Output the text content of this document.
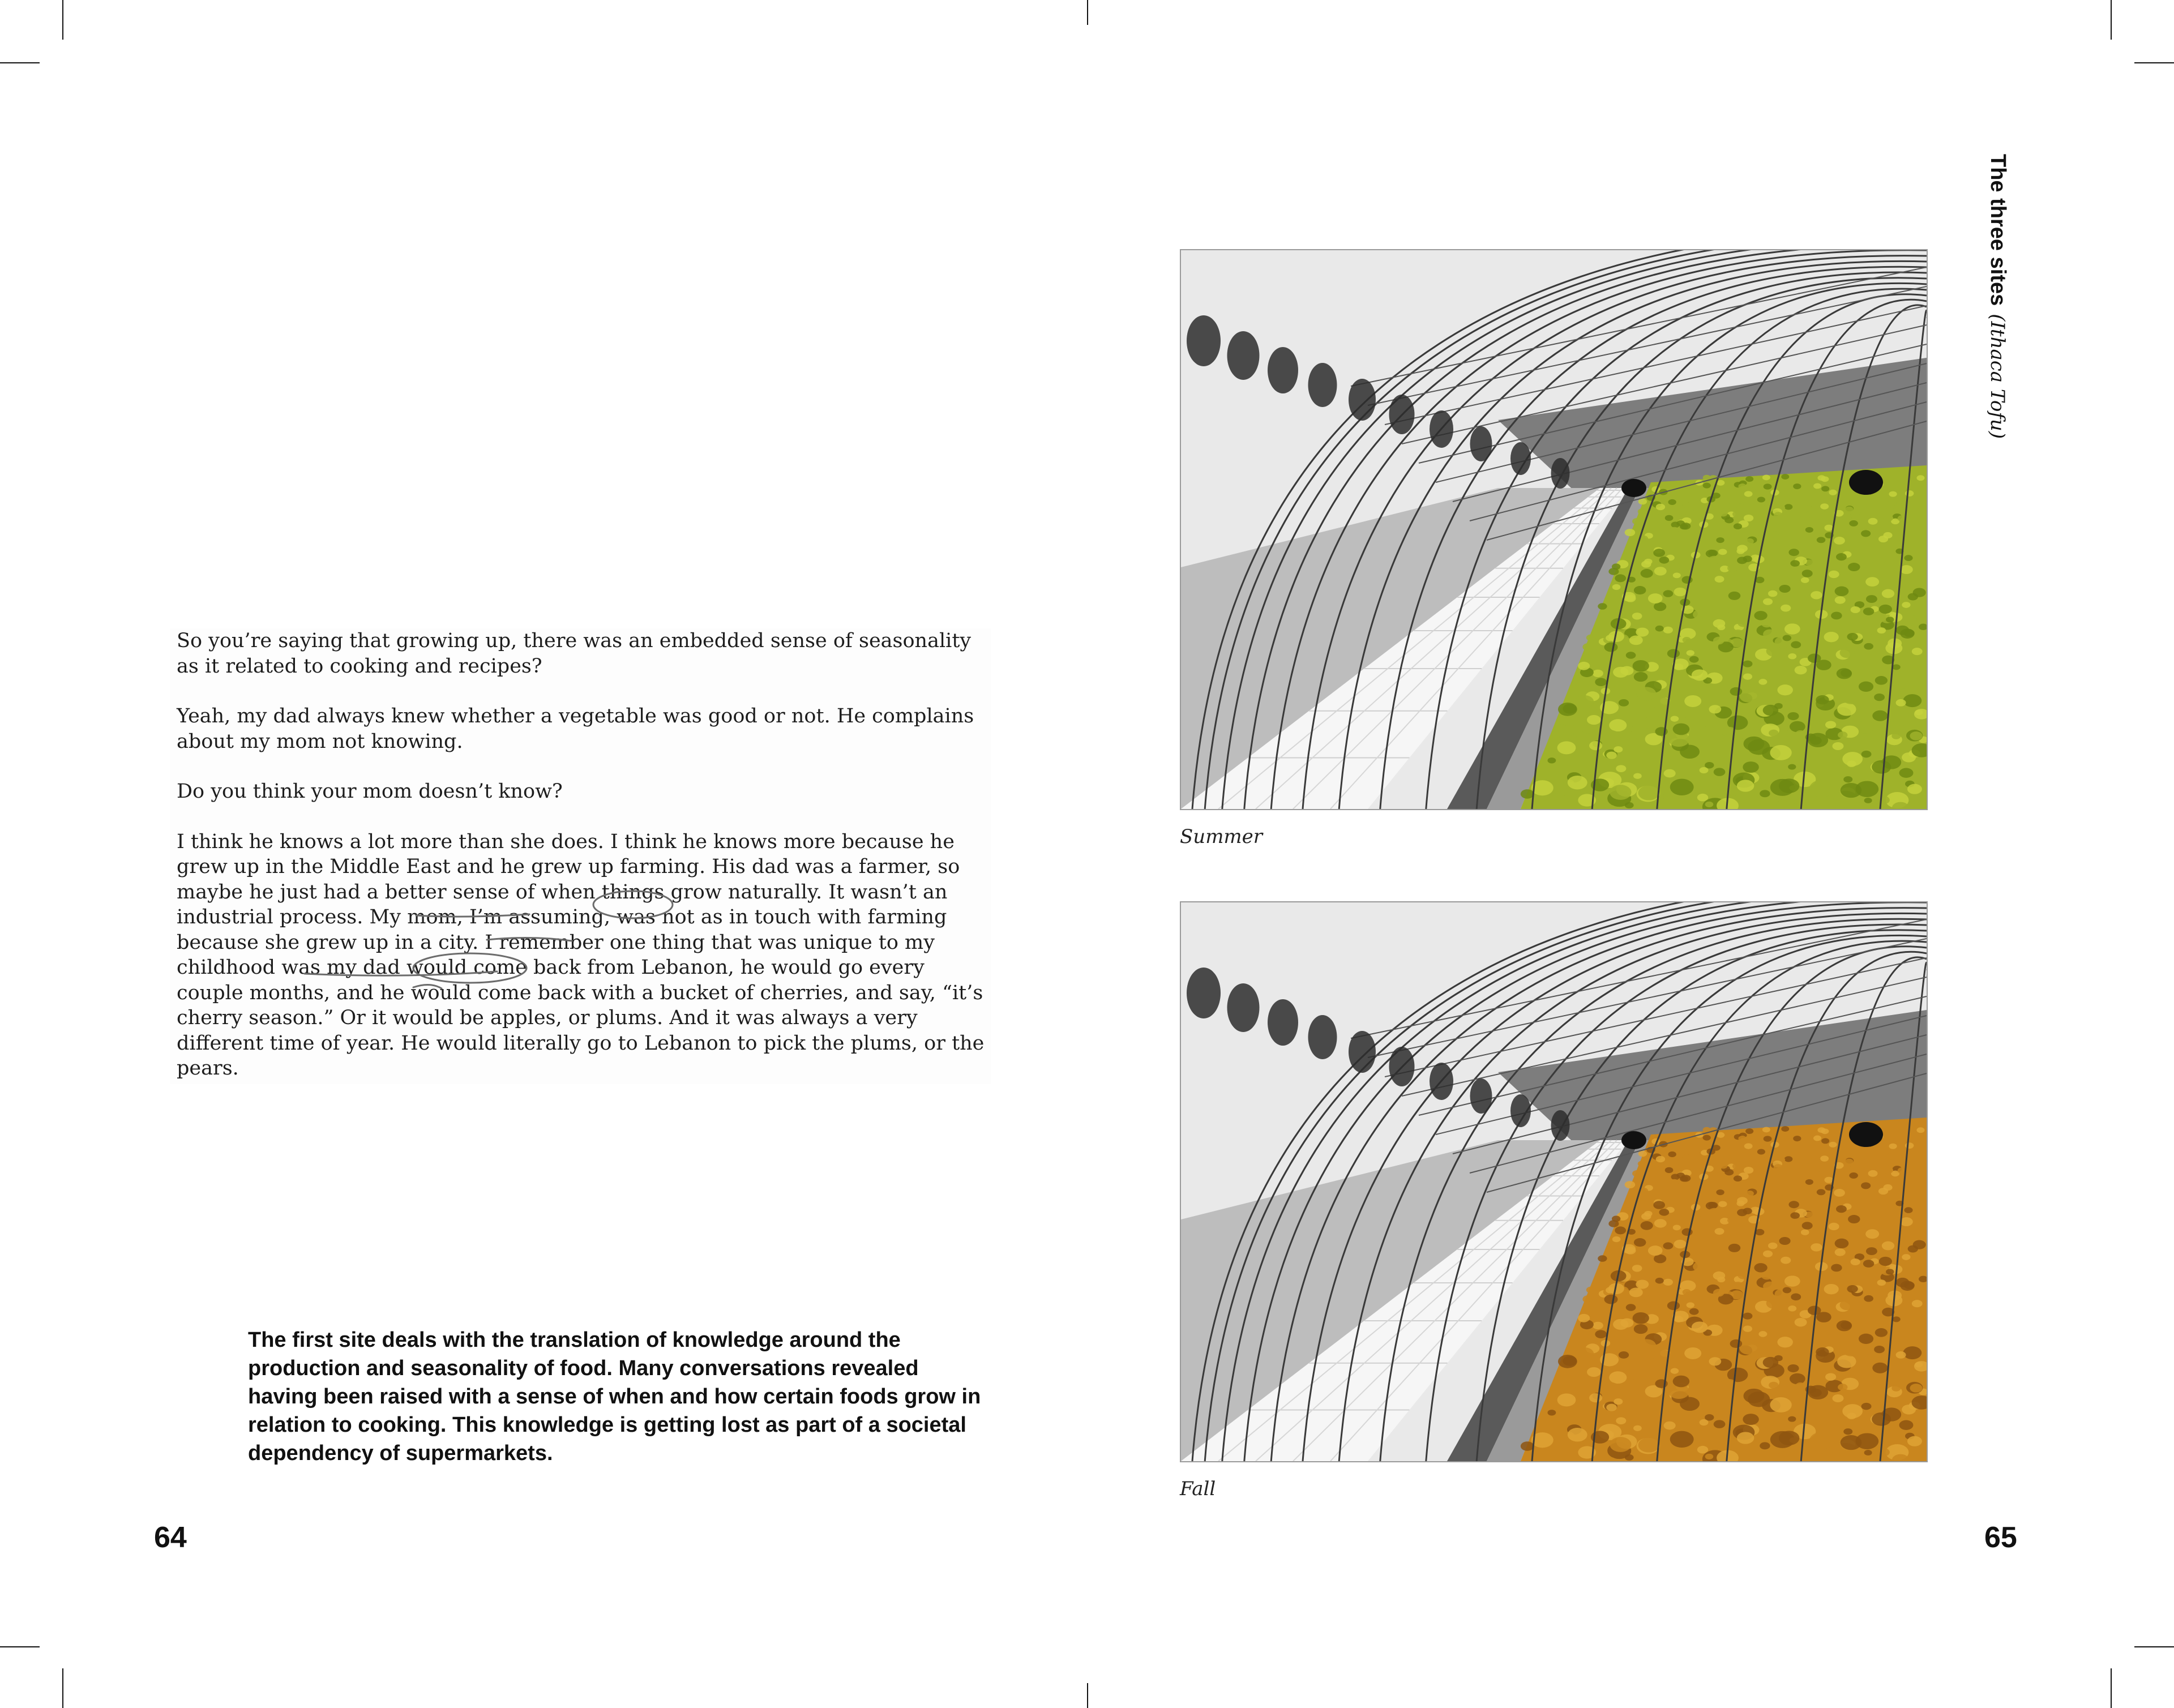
So you’re saying that growing up, there was an embedded sense of seasonality as it related to cooking and recipes?

Yeah, my dad always knew whether a vegetable was good or not. He complains about my mom not knowing.

Do you think your mom doesn’t know?

I think he knows a lot more than she does. I think he knows more because he grew up in the Middle East and he grew up farming. His dad was a farmer, so maybe he just had a better sense of when things grow naturally. It wasn’t an industrial process. My mom, I’m assuming, was not as in touch with farming because she grew up in a city. I remember one thing that was unique to my childhood was my dad would come back from Lebanon, he would go every couple months, and he would come back with a bucket of cherries, and say, “it’s cherry season.” Or it would be apples, or plums. And it was always a very different time of year. He would literally go to Lebanon to pick the plums, or the pears.

The first site deals with the translation of knowledge around the production and seasonality of food. Many conversations revealed having been raised with a sense of when and how certain foods grow in relation to cooking. This knowledge is getting lost as part of a societal dependency of supermarkets.
64
The three sites(Ithaca Tofu)
Summer
Fall
65
